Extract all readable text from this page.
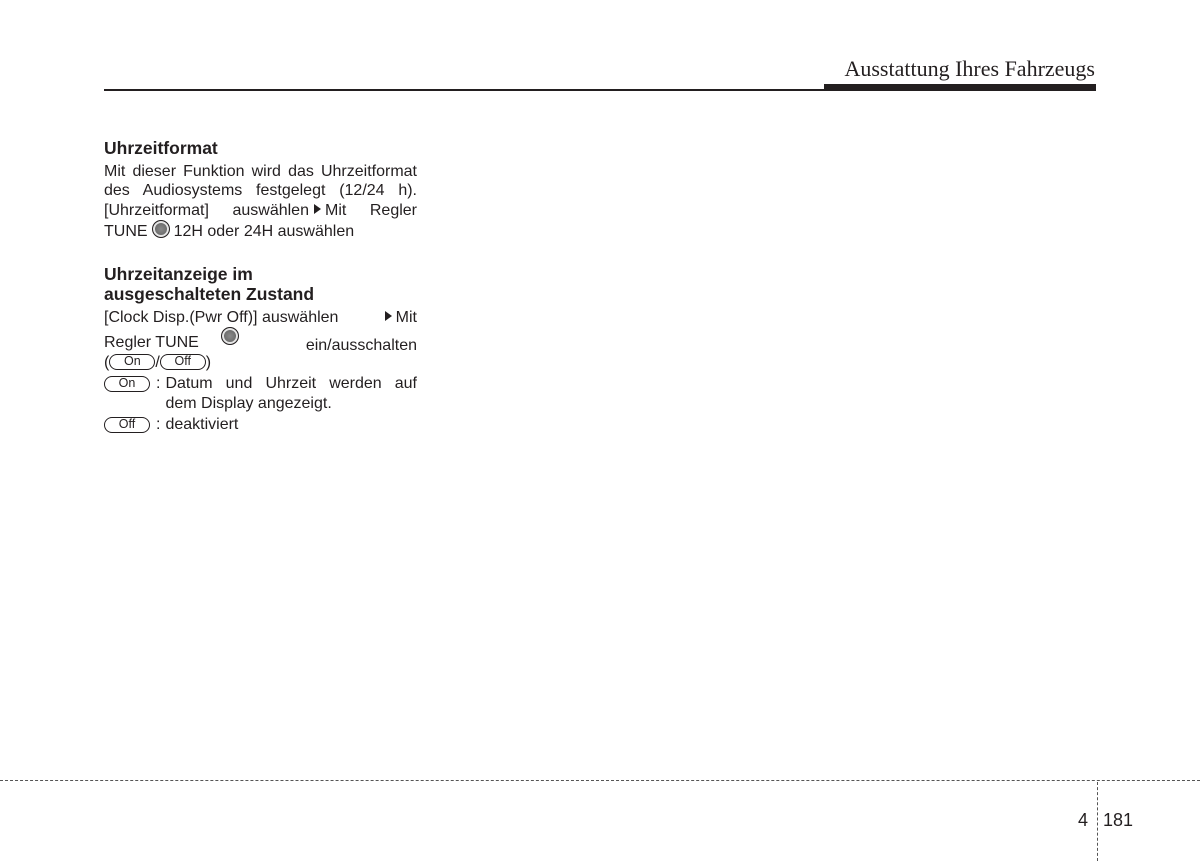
Ausstattung Ihres Fahrzeugs
Uhrzeitformat
Mit dieser Funktion wird das Uhrzeitformat des Audiosystems festgelegt (12/24 h). [Uhrzeitformat] auswählen Mit Regler TUNE 12H oder 24H auswählen
Uhrzeitanzeige im
ausgeschalteten Zustand
[Clock Disp.(Pwr Off)] auswählen	Mit
Regler TUNE	ein/ausschalten
( On / Off )
On	: Datum und Uhrzeit werden auf dem Display angezeigt.
Off	: deaktiviert
4 181
